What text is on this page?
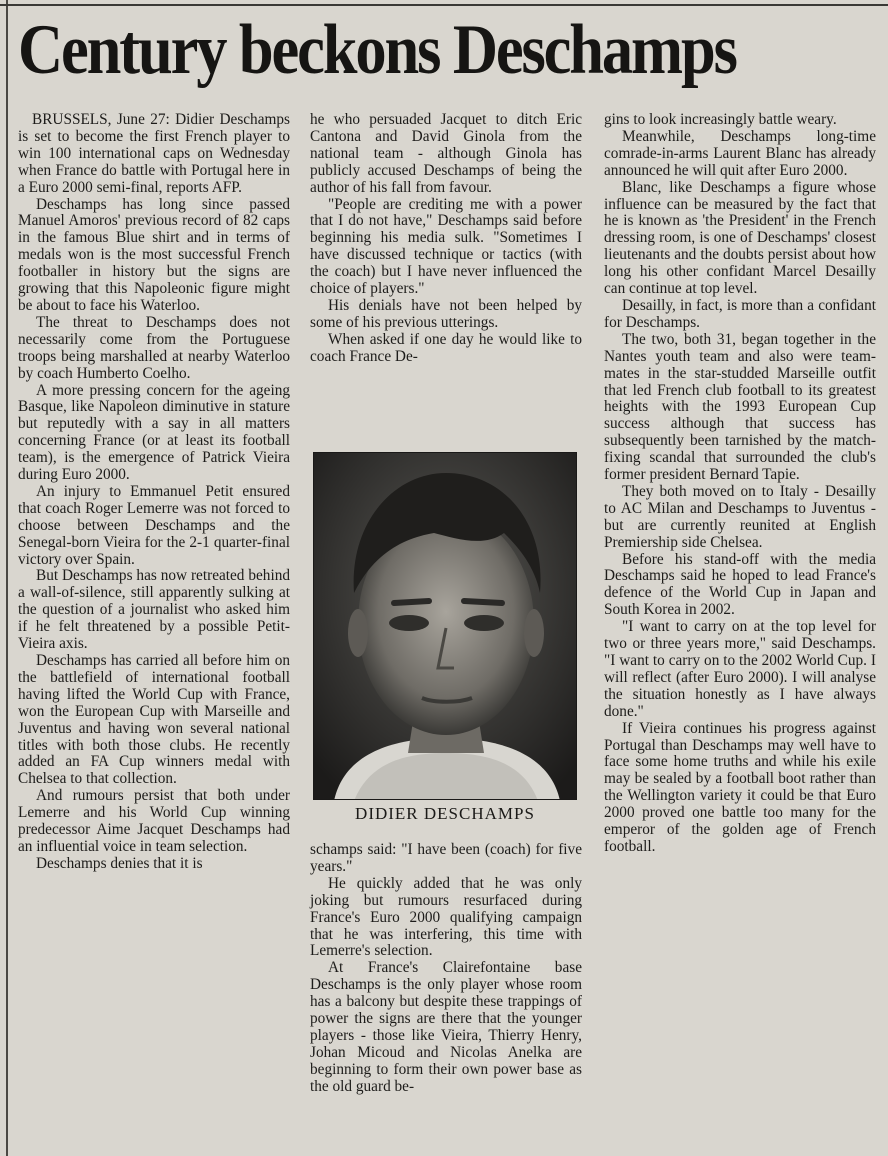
Century beckons Deschamps

BRUSSELS, June 27: Didier Deschamps is set to become the first French player to win 100 international caps on Wednesday when France do battle with Portugal here in a Euro 2000 semi-final, reports AFP.

Deschamps has long since passed Manuel Amoros' previous record of 82 caps in the famous Blue shirt and in terms of medals won is the most successful French footballer in history but the signs are growing that this Napoleonic figure might be about to face his Waterloo.

The threat to Deschamps does not necessarily come from the Portuguese troops being marshalled at nearby Waterloo by coach Humberto Coelho.

A more pressing concern for the ageing Basque, like Napoleon diminutive in stature but reputedly with a say in all matters concerning France (or at least its football team), is the emergence of Patrick Vieira during Euro 2000.

An injury to Emmanuel Petit ensured that coach Roger Lemerre was not forced to choose between Deschamps and the Senegal-born Vieira for the 2-1 quarter-final victory over Spain.

But Deschamps has now retreated behind a wall-of-silence, still apparently sulking at the question of a journalist who asked him if he felt threatened by a possible Petit-Vieira axis.

Deschamps has carried all before him on the battlefield of international football having lifted the World Cup with France, won the European Cup with Marseille and Juventus and having won several national titles with both those clubs. He recently added an FA Cup winners medal with Chelsea to that collection.

And rumours persist that both under Lemerre and his World Cup winning predecessor Aime Jacquet Deschamps had an influential voice in team selection.

Deschamps denies that it is

he who persuaded Jacquet to ditch Eric Cantona and David Ginola from the national team - although Ginola has publicly accused Deschamps of being the author of his fall from favour.

"People are crediting me with a power that I do not have," Deschamps said before beginning his media sulk. "Sometimes I have discussed technique or tactics (with the coach) but I have never influenced the choice of players."

His denials have not been helped by some of his previous utterings.

When asked if one day he would like to coach France De-

DIDIER DESCHAMPS

schamps said: "I have been (coach) for five years."

He quickly added that he was only joking but rumours resurfaced during France's Euro 2000 qualifying campaign that he was interfering, this time with Lemerre's selection.

At France's Clairefontaine base Deschamps is the only player whose room has a balcony but despite these trappings of power the signs are there that the younger players - those like Vieira, Thierry Henry, Johan Micoud and Nicolas Anelka are beginning to form their own power base as the old guard be-

gins to look increasingly battle weary.

Meanwhile, Deschamps long-time comrade-in-arms Laurent Blanc has already announced he will quit after Euro 2000.

Blanc, like Deschamps a figure whose influence can be measured by the fact that he is known as 'the President' in the French dressing room, is one of Deschamps' closest lieutenants and the doubts persist about how long his other confidant Marcel Desailly can continue at top level.

Desailly, in fact, is more than a confidant for Deschamps.

The two, both 31, began together in the Nantes youth team and also were team-mates in the star-studded Marseille outfit that led French club football to its greatest heights with the 1993 European Cup success although that success has subsequently been tarnished by the match-fixing scandal that surrounded the club's former president Bernard Tapie.

They both moved on to Italy - Desailly to AC Milan and Deschamps to Juventus - but are currently reunited at English Premiership side Chelsea.

Before his stand-off with the media Deschamps said he hoped to lead France's defence of the World Cup in Japan and South Korea in 2002.

"I want to carry on at the top level for two or three years more," said Deschamps. "I want to carry on to the 2002 World Cup. I will reflect (after Euro 2000). I will analyse the situation honestly as I have always done."

If Vieira continues his progress against Portugal than Deschamps may well have to face some home truths and while his exile may be sealed by a football boot rather than the Wellington variety it could be that Euro 2000 proved one battle too many for the emperor of the golden age of French football.
